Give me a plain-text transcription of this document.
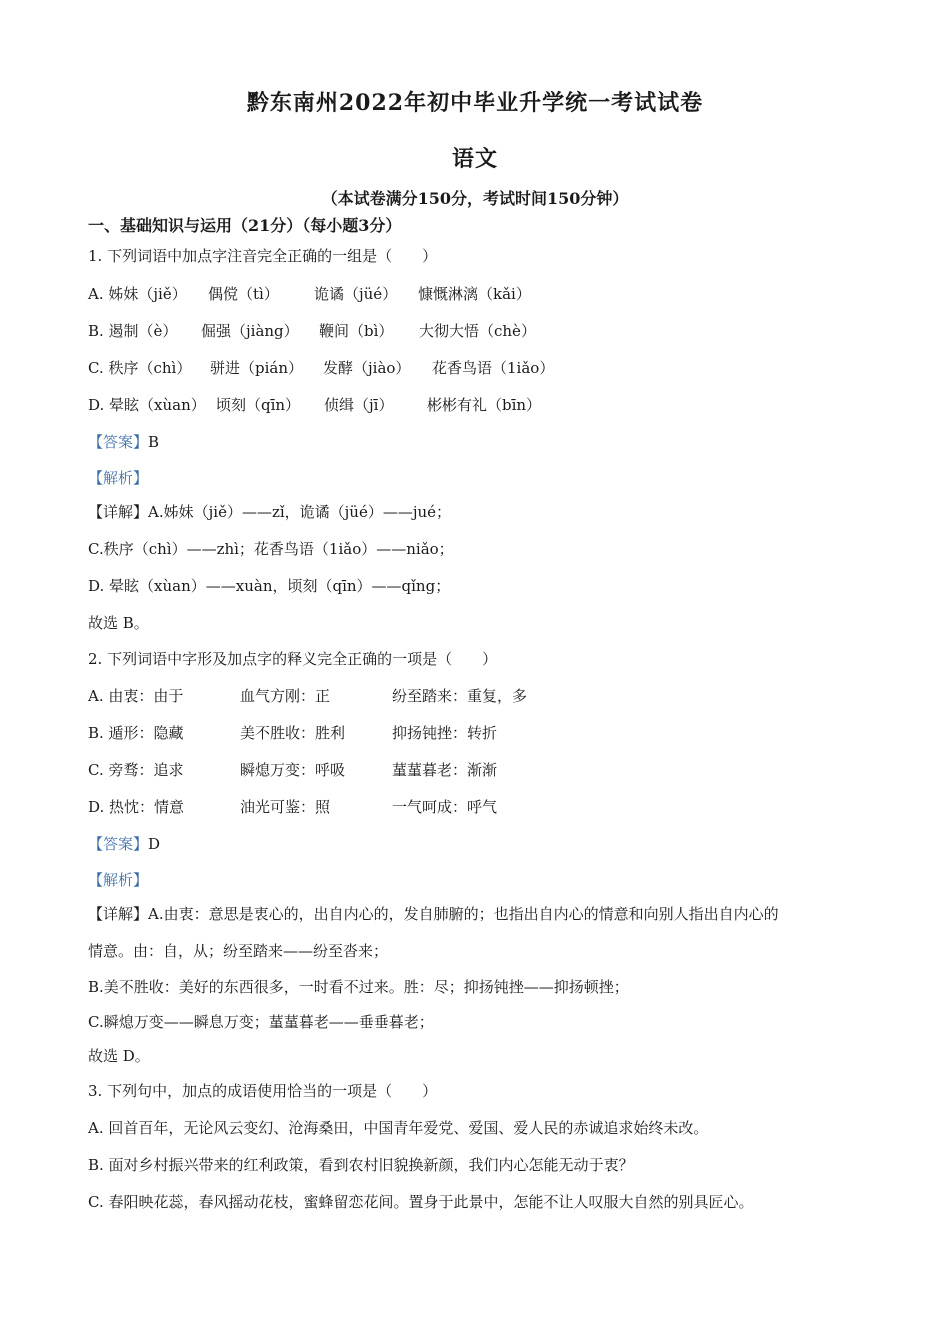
黔东南州2022年初中毕业升学统一考试试卷
语文
（本试卷满分150分，考试时间150分钟）
一、基础知识与运用（21分）（每小题3分）
1. 下列词语中加点字注音完全正确的一组是（　　）
A. 姊妹（jiě） 偶傥（tì） 诡谲（jüé） 慷慨淋漓（kǎi）
B. 遏制（è） 倔强（jiàng） 鞭间（bì） 大彻大悟（chè）
C. 秩序（chì） 骈进（pián） 发酵（jiào） 花香鸟语（1iǎo）
D. 晕眩（xùan） 顷刻（qīn） 侦缉（jī） 彬彬有礼（bīn）
【答案】B
【解析】
【详解】A.姊妹（jiě）——zǐ，诡谲（jüé）——jué；
C.秩序（chì）——zhì；花香鸟语（1iǎo）——niǎo；
D. 晕眩（xùan）——xuàn，顷刻（qīn）——qǐng；
故选 B。
2. 下列词语中字形及加点字的释义完全正确的一项是（　　）
A. 由衷：由于	血气方刚：正	纷至踏来：重复，多
B. 遁形：隐藏	美不胜收：胜利	抑扬钝挫：转折
C. 旁骛：追求	瞬熄万变：呼吸	蓳蓳暮老：渐渐
D. 热忱：情意	油光可鉴：照	一气呵成：呼气
【答案】D
【解析】
【详解】A.由衷：意思是衷心的，出自内心的，发自肺腑的；也指出自内心的情意和向别人指出自内心的
情意。由：自，从；纷至踏来——纷至沓来；
B.美不胜收：美好的东西很多，一时看不过来。胜：尽；抑扬钝挫——抑扬顿挫；
C.瞬熄万变——瞬息万变；蓳蓳暮老——垂垂暮老；
故选 D。
3. 下列句中，加点的成语使用恰当的一项是（　　）
A. 回首百年，无论风云变幻、沧海桑田，中国青年爱党、爱国、爱人民的赤诚追求始终未改。
B. 面对乡村振兴带来的红利政策，看到农村旧貌换新颜，我们内心怎能无动于衷？
C. 春阳映花蕊，春风摇动花枝，蜜蜂留恋花间。置身于此景中，怎能不让人叹服大自然的别具匠心。
